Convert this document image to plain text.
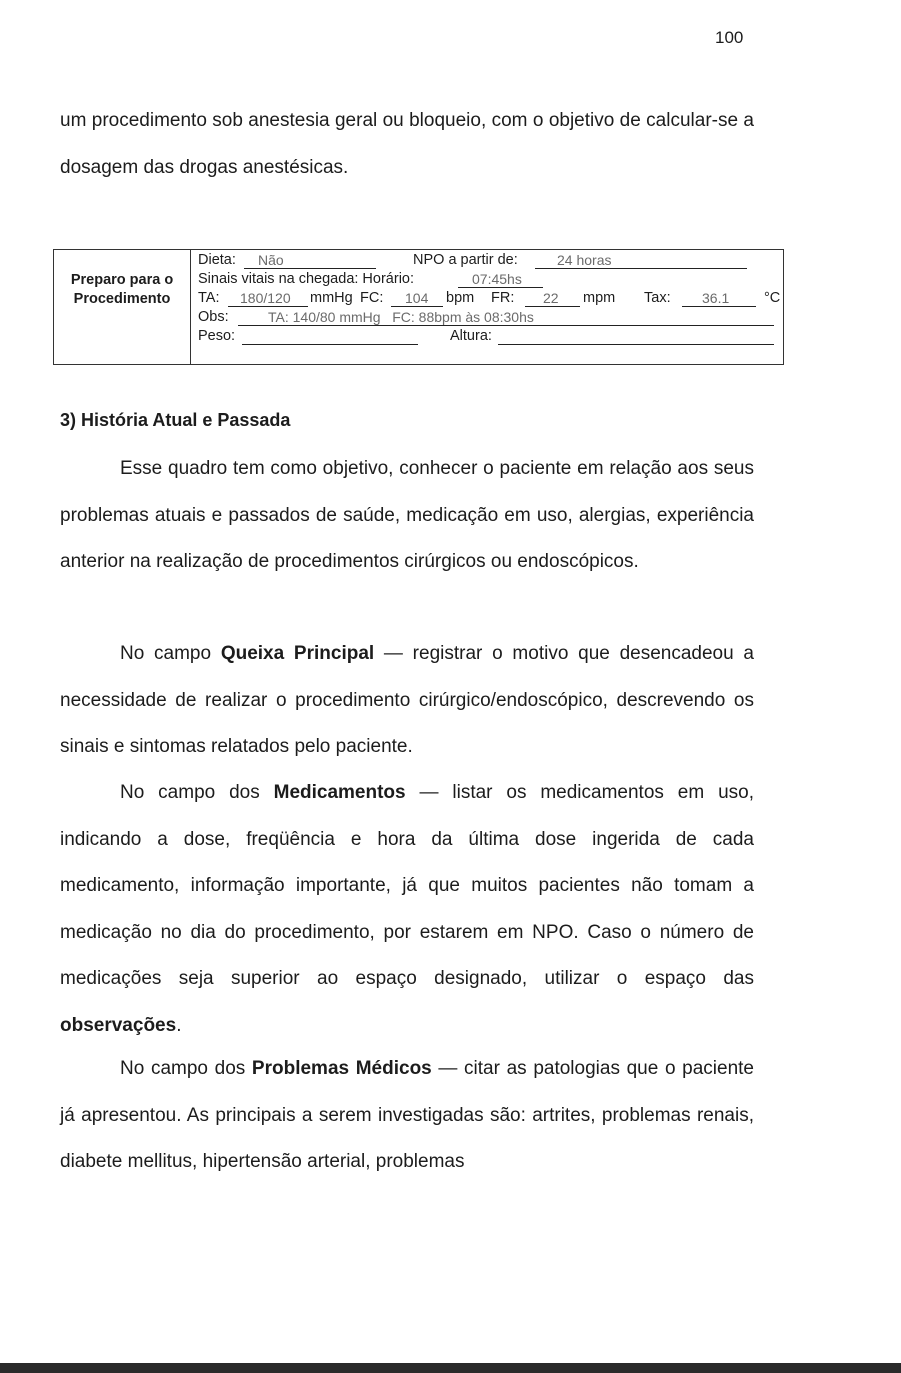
100

um procedimento sob anestesia geral ou bloqueio, com o objetivo de calcular-se a dosagem das drogas anestésicas.

Preparo para o Procedimento
Dieta:	Não	NPO a partir de:	24 horas
Sinais vitais na chegada: Horário:	07:45hs
TA:	180/120	mmHg FC:	104	bpm FR:	22	mpm Tax:	36.1	°C
Obs:	TA: 140/80 mmHg   FC: 88bpm às 08:30hs
Peso:	Altura:
3) História Atual e Passada

Esse quadro tem como objetivo, conhecer o paciente em relação aos seus problemas atuais e passados de saúde, medicação em uso, alergias, experiência anterior na realização de procedimentos cirúrgicos ou endoscópicos.

No campo Queixa Principal — registrar o motivo que desencadeou a necessidade de realizar o procedimento cirúrgico/endoscópico, descrevendo os sinais e sintomas relatados pelo paciente.

No campo dos Medicamentos — listar os medicamentos em uso, indicando a dose, freqüência e hora da última dose ingerida de cada medicamento, informação importante, já que muitos pacientes não tomam a medicação no dia do procedimento, por estarem em NPO. Caso o número de medicações seja superior ao espaço designado, utilizar o espaço das observações.

No campo dos Problemas Médicos — citar as patologias que o paciente já apresentou. As principais a serem investigadas são: artrites, problemas renais, diabete mellitus, hipertensão arterial, problemas
